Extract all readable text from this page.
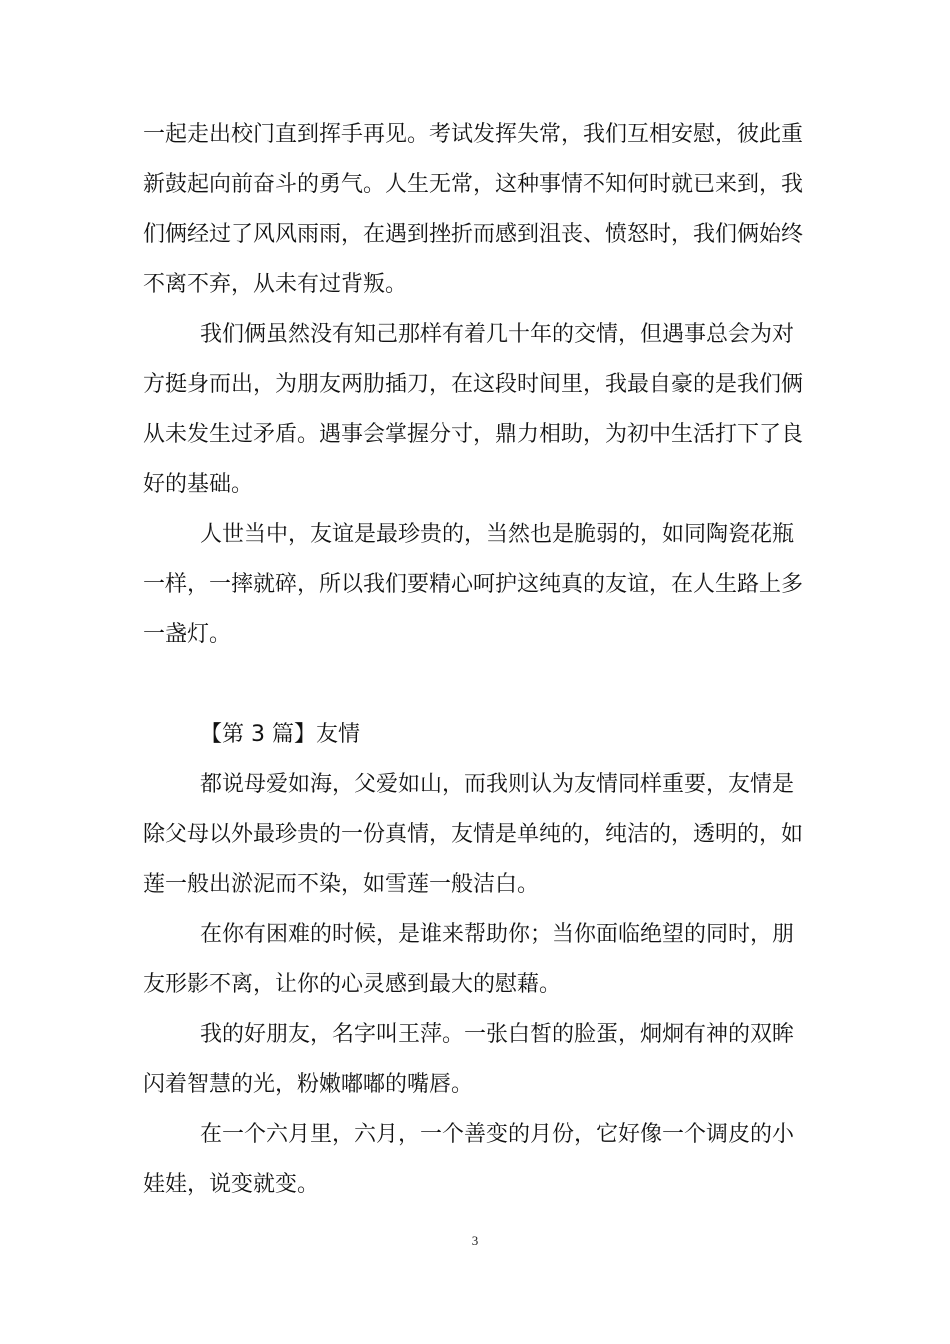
一起走出校门直到挥手再见。考试发挥失常，我们互相安慰，彼此重
新鼓起向前奋斗的勇气。人生无常，这种事情不知何时就已来到，我
们俩经过了风风雨雨，在遇到挫折而感到沮丧、愤怒时，我们俩始终
不离不弃，从未有过背叛。
我们俩虽然没有知己那样有着几十年的交情，但遇事总会为对
方挺身而出，为朋友两肋插刀，在这段时间里，我最自豪的是我们俩
从未发生过矛盾。遇事会掌握分寸，鼎力相助，为初中生活打下了良
好的基础。
人世当中，友谊是最珍贵的，当然也是脆弱的，如同陶瓷花瓶
一样，一摔就碎，所以我们要精心呵护这纯真的友谊，在人生路上多
一盏灯。
【第 3 篇】友情
都说母爱如海，父爱如山，而我则认为友情同样重要，友情是
除父母以外最珍贵的一份真情，友情是单纯的，纯洁的，透明的，如
莲一般出淤泥而不染，如雪莲一般洁白。
在你有困难的时候，是谁来帮助你；当你面临绝望的同时，朋
友形影不离，让你的心灵感到最大的慰藉。
我的好朋友，名字叫王萍。一张白皙的脸蛋，炯炯有神的双眸
闪着智慧的光，粉嫩嘟嘟的嘴唇。
在一个六月里，六月，一个善变的月份，它好像一个调皮的小
娃娃，说变就变。
3
